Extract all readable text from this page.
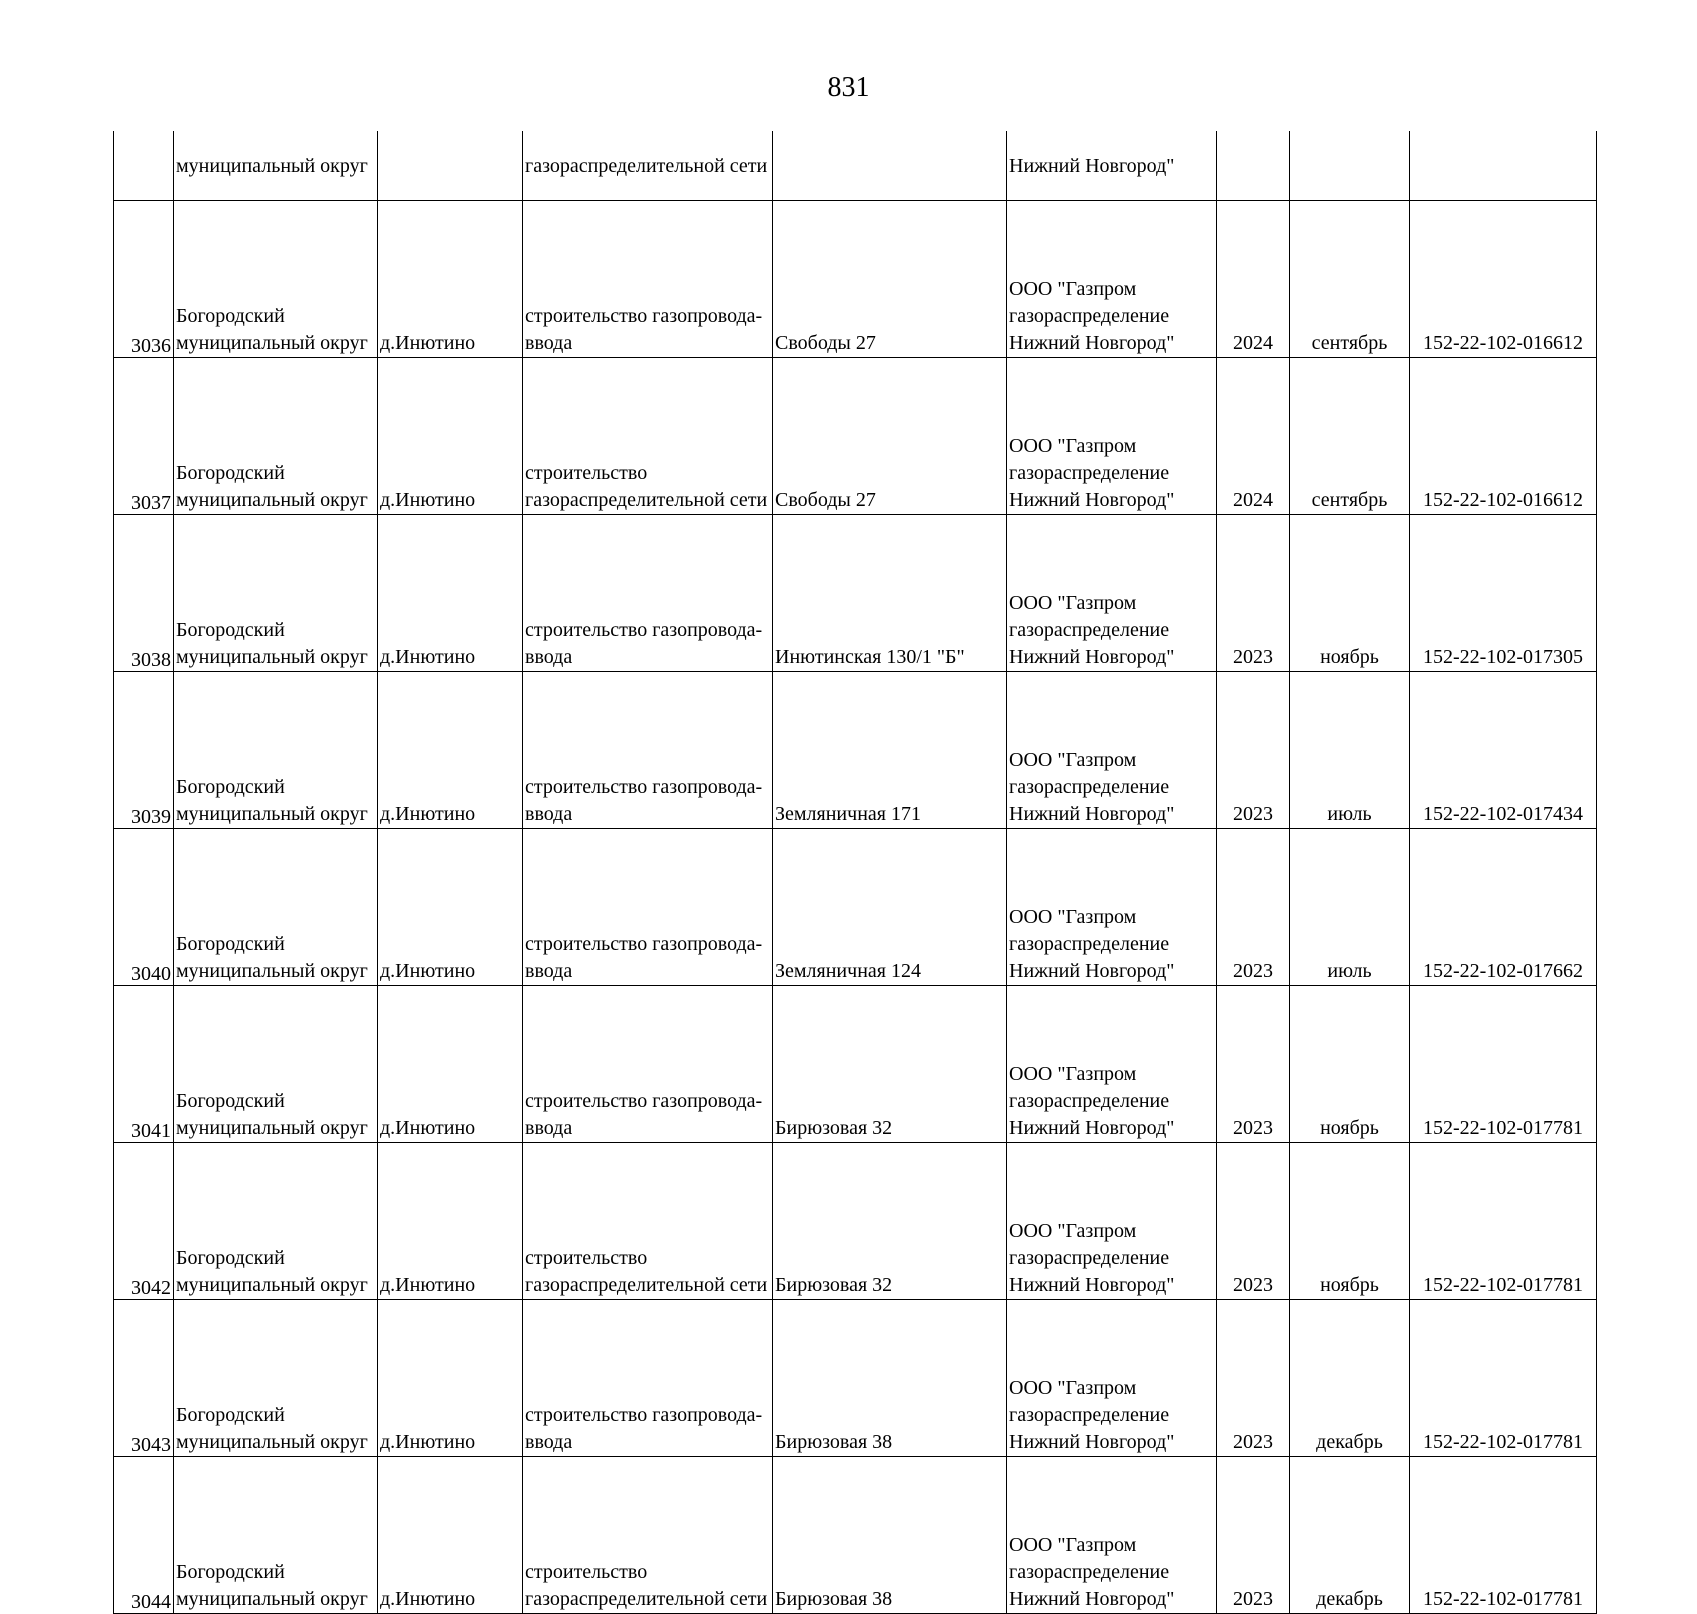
831

	муниципальный округ		газораспределительной сети		Нижний Новгород"			

3036	Богородский
муниципальный округ	д.Инютино	строительство газопровода-
ввода	Свободы 27	ООО "Газпром
газораспределение
Нижний Новгород"	2024	сентябрь	152-22-102-016612

3037	Богородский
муниципальный округ	д.Инютино	строительство
газораспределительной сети	Свободы 27	ООО "Газпром
газораспределение
Нижний Новгород"	2024	сентябрь	152-22-102-016612

3038	Богородский
муниципальный округ	д.Инютино	строительство газопровода-
ввода	Инютинская 130/1 "Б"	ООО "Газпром
газораспределение
Нижний Новгород"	2023	ноябрь	152-22-102-017305

3039	Богородский
муниципальный округ	д.Инютино	строительство газопровода-
ввода	Земляничная 171	ООО "Газпром
газораспределение
Нижний Новгород"	2023	июль	152-22-102-017434

3040	Богородский
муниципальный округ	д.Инютино	строительство газопровода-
ввода	Земляничная 124	ООО "Газпром
газораспределение
Нижний Новгород"	2023	июль	152-22-102-017662

3041	Богородский
муниципальный округ	д.Инютино	строительство газопровода-
ввода	Бирюзовая 32	ООО "Газпром
газораспределение
Нижний Новгород"	2023	ноябрь	152-22-102-017781

3042	Богородский
муниципальный округ	д.Инютино	строительство
газораспределительной сети	Бирюзовая 32	ООО "Газпром
газораспределение
Нижний Новгород"	2023	ноябрь	152-22-102-017781

3043	Богородский
муниципальный округ	д.Инютино	строительство газопровода-
ввода	Бирюзовая 38	ООО "Газпром
газораспределение
Нижний Новгород"	2023	декабрь	152-22-102-017781

3044	Богородский
муниципальный округ	д.Инютино	строительство
газораспределительной сети	Бирюзовая 38	ООО "Газпром
газораспределение
Нижний Новгород"	2023	декабрь	152-22-102-017781
